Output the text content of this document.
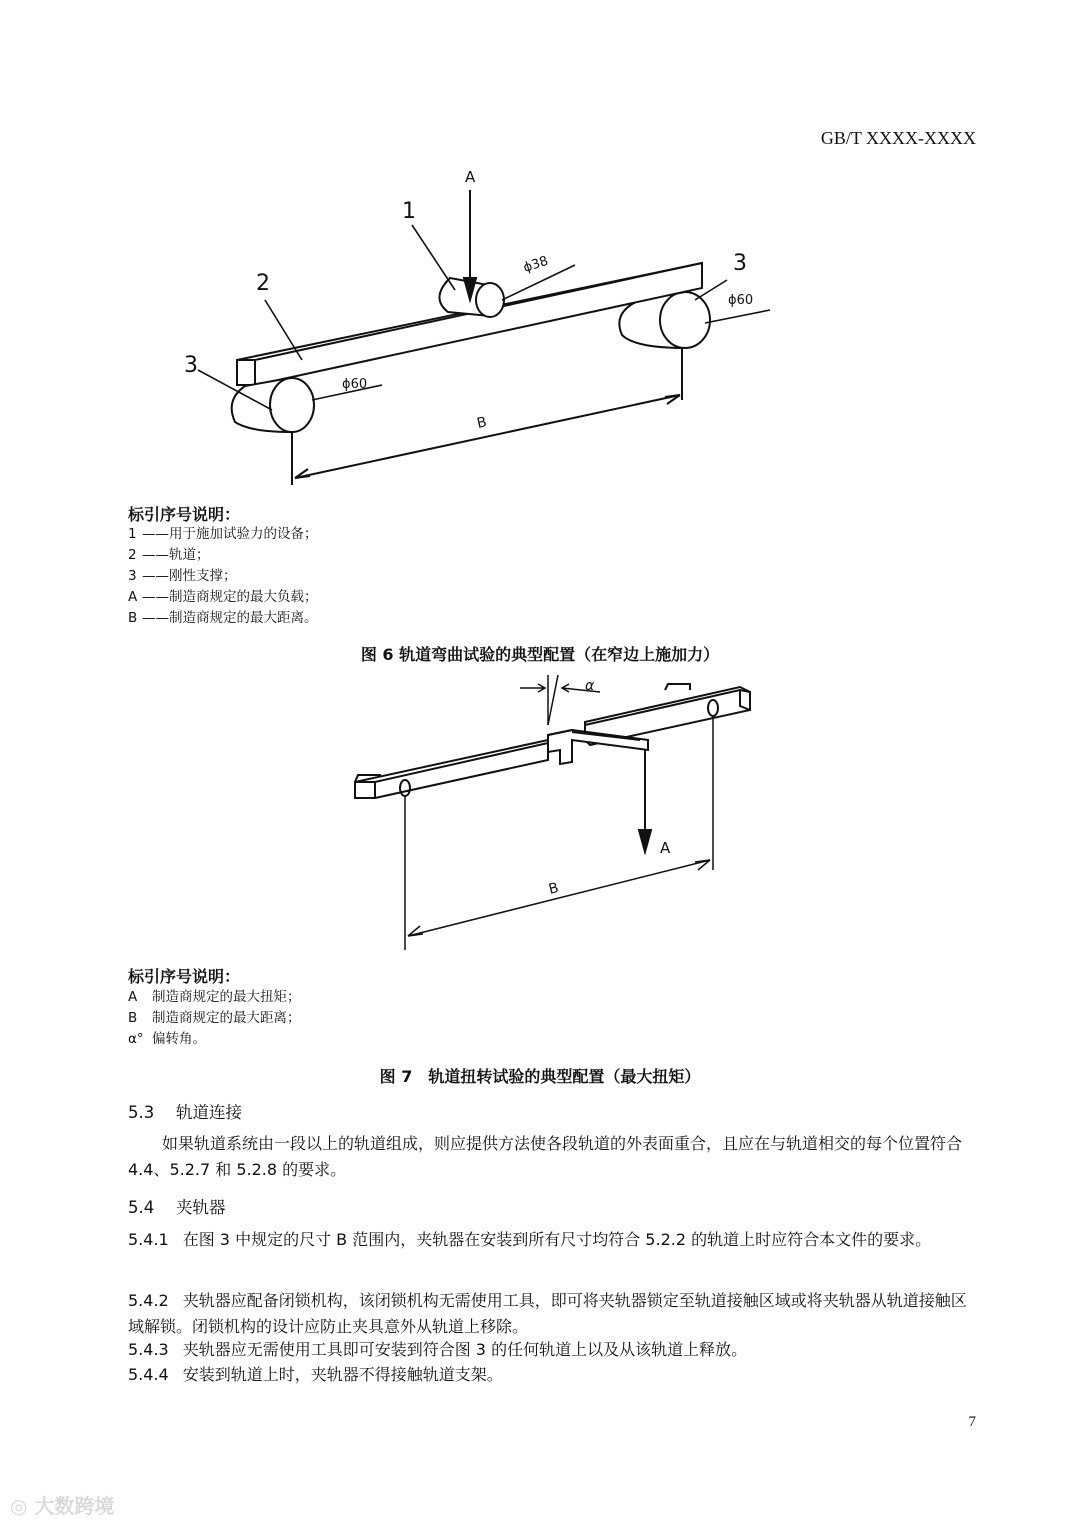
GB/T XXXX-XXXX
A
1
2
3
3
ϕ38
ϕ60
ϕ60
B
标引序号说明：
1 ——用于施加试验力的设备；
2 ——轨道；
3 ——刚性支撑；
A ——制造商规定的最大负载；
B ——制造商规定的最大距离。
图 6 轨道弯曲试验的典型配置（在窄边上施加力）
α
A
B
标引序号说明：
A 制造商规定的最大扭矩；
B 制造商规定的最大距离；
α° 偏转角。
图 7　轨道扭转试验的典型配置（最大扭矩）
5.3 轨道连接
如果轨道系统由一段以上的轨道组成，则应提供方法使各段轨道的外表面重合，且应在与轨道相交的每个位置符合 4.4、5.2.7 和 5.2.8 的要求。
5.4 夹轨器
5.4.1 在图 3 中规定的尺寸 B 范围内，夹轨器在安装到所有尺寸均符合 5.2.2 的轨道上时应符合本文件的要求。
5.4.2 夹轨器应配备闭锁机构，该闭锁机构无需使用工具，即可将夹轨器锁定至轨道接触区域或将夹轨器从轨道接触区域解锁。闭锁机构的设计应防止夹具意外从轨道上移除。
5.4.3 夹轨器应无需使用工具即可安装到符合图 3 的任何轨道上以及从该轨道上释放。
5.4.4 安装到轨道上时，夹轨器不得接触轨道支架。
7
◎ 大数跨境
